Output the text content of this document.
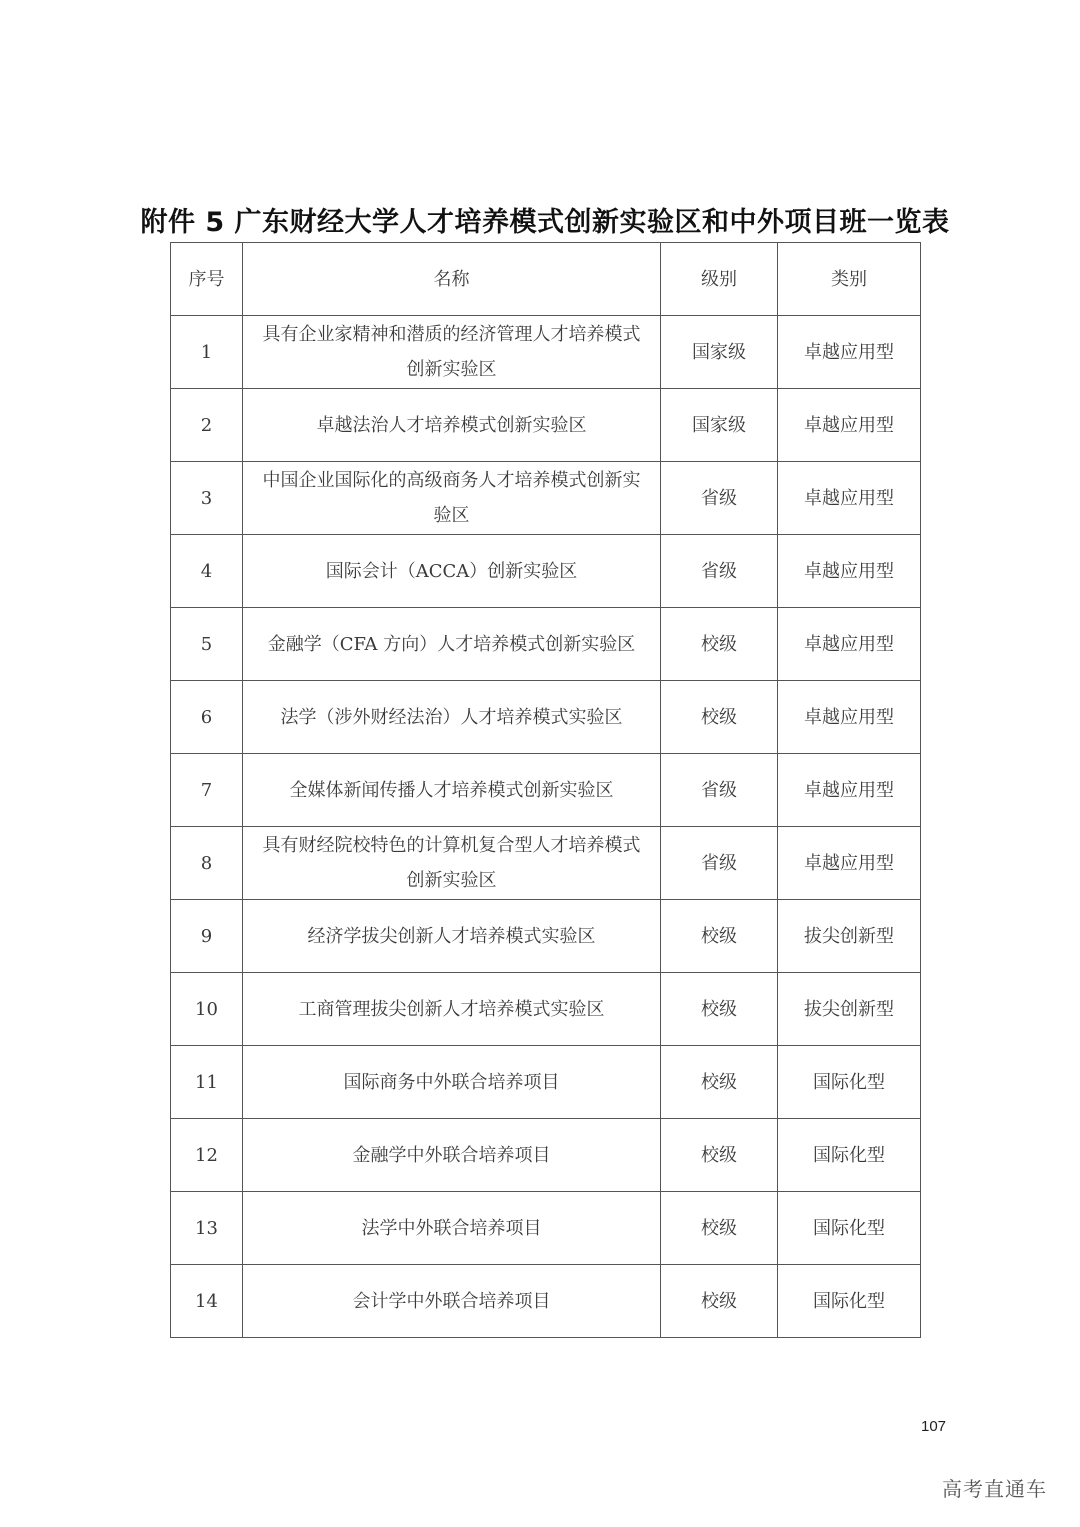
附件 5 广东财经大学人才培养模式创新实验区和中外项目班一览表
序号	名称	级别	类别
1	具有企业家精神和潜质的经济管理人才培养模式创新实验区	国家级	卓越应用型
2	卓越法治人才培养模式创新实验区	国家级	卓越应用型
3	中国企业国际化的高级商务人才培养模式创新实验区	省级	卓越应用型
4	国际会计（ACCA）创新实验区	省级	卓越应用型
5	金融学（CFA 方向）人才培养模式创新实验区	校级	卓越应用型
6	法学（涉外财经法治）人才培养模式实验区	校级	卓越应用型
7	全媒体新闻传播人才培养模式创新实验区	省级	卓越应用型
8	具有财经院校特色的计算机复合型人才培养模式创新实验区	省级	卓越应用型
9	经济学拔尖创新人才培养模式实验区	校级	拔尖创新型
10	工商管理拔尖创新人才培养模式实验区	校级	拔尖创新型
11	国际商务中外联合培养项目	校级	国际化型
12	金融学中外联合培养项目	校级	国际化型
13	法学中外联合培养项目	校级	国际化型
14	会计学中外联合培养项目	校级	国际化型
107
高考直通车
